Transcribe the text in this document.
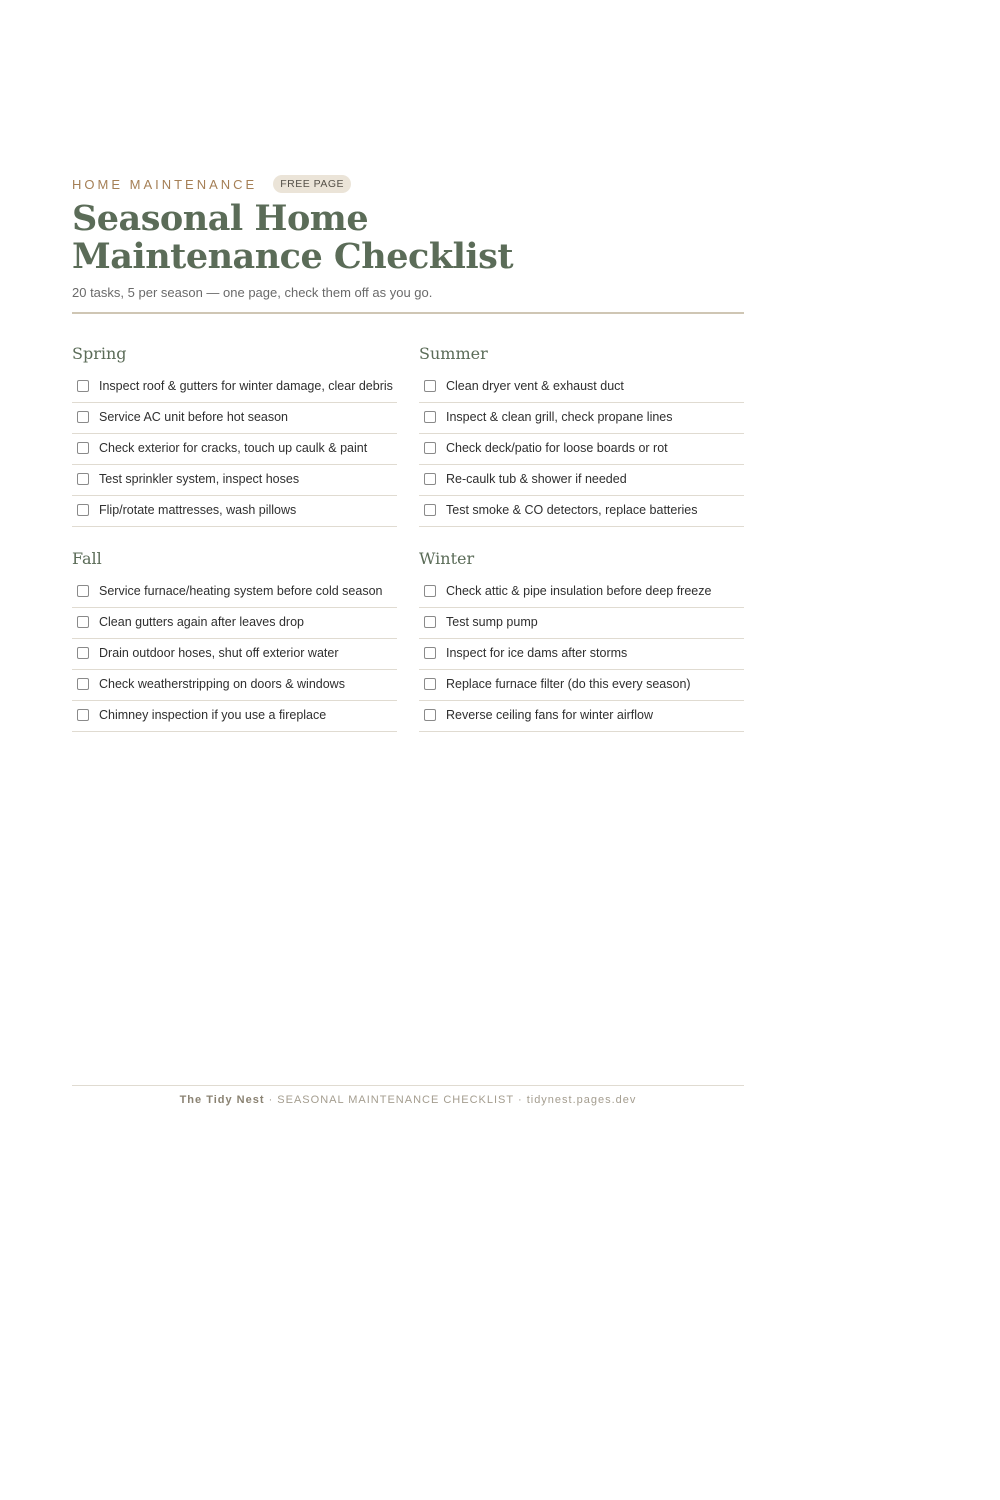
HOME MAINTENANCE	FREE PAGE
Seasonal Home Maintenance Checklist
20 tasks, 5 per season — one page, check them off as you go.
Spring
Inspect roof & gutters for winter damage, clear debris
Service AC unit before hot season
Check exterior for cracks, touch up caulk & paint
Test sprinkler system, inspect hoses
Flip/rotate mattresses, wash pillows
Summer
Clean dryer vent & exhaust duct
Inspect & clean grill, check propane lines
Check deck/patio for loose boards or rot
Re-caulk tub & shower if needed
Test smoke & CO detectors, replace batteries
Fall
Service furnace/heating system before cold season
Clean gutters again after leaves drop
Drain outdoor hoses, shut off exterior water
Check weatherstripping on doors & windows
Chimney inspection if you use a fireplace
Winter
Check attic & pipe insulation before deep freeze
Test sump pump
Inspect for ice dams after storms
Replace furnace filter (do this every season)
Reverse ceiling fans for winter airflow
The Tidy Nest · SEASONAL MAINTENANCE CHECKLIST · tidynest.pages.dev
